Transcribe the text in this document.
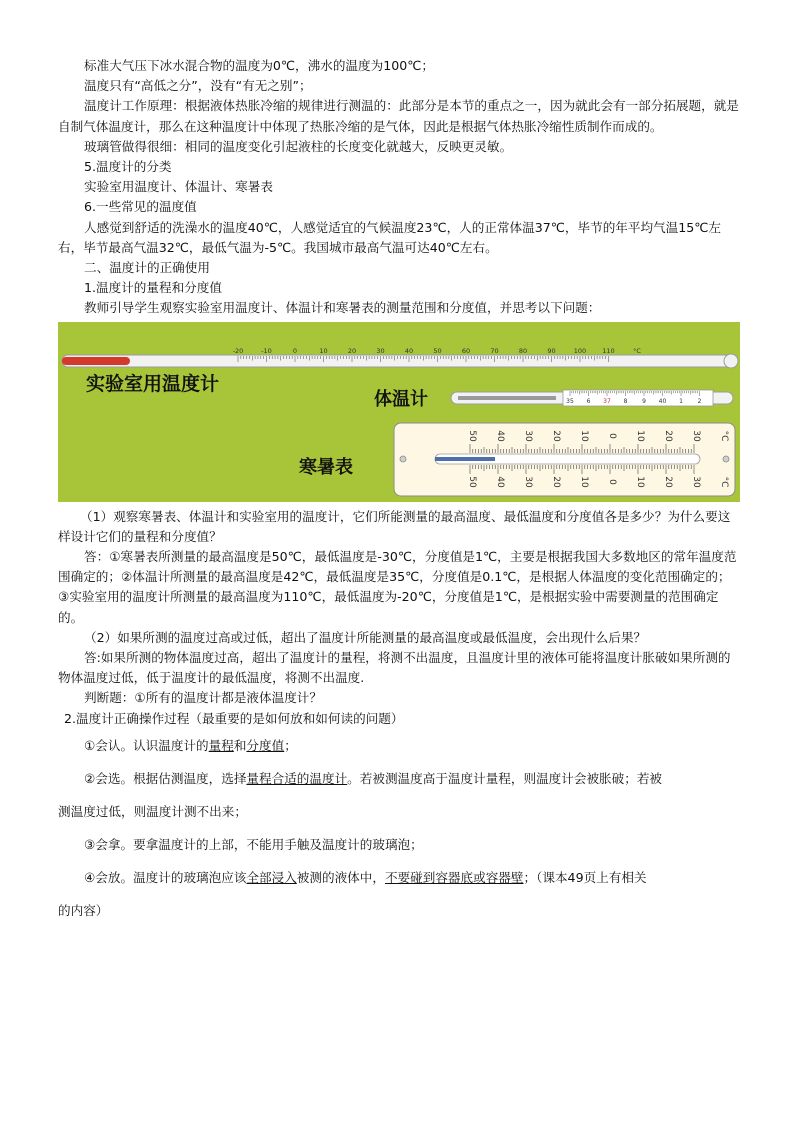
标准大气压下冰水混合物的温度为0℃，沸水的温度为100℃；

温度只有“高低之分”，没有“有无之别”；

温度计工作原理：根据液体热胀冷缩的规律进行测温的：此部分是本节的重点之一，因为就此会有一部分拓展题，就是自制气体温度计，那么在这种温度计中体现了热胀冷缩的是气体，因此是根据气体热胀冷缩性质制作而成的。

玻璃管做得很细：相同的温度变化引起液柱的长度变化就越大，反映更灵敏。

5.温度计的分类

实验室用温度计、体温计、寒暑表

6.一些常见的温度值

人感觉到舒适的洗澡水的温度40℃，人感觉适宜的气候温度23℃，人的正常体温37℃，毕节的年平均气温15℃左右，毕节最高气温32℃，最低气温为-5℃。我国城市最高气温可达40℃左右。

二、温度计的正确使用

1.温度计的量程和分度值

教师引导学生观察实验室用温度计、体温计和寒暑表的测量范围和分度值，并思考以下问题：

-20	-10	0	10	20	30	40	50	60	70	80	90	100 110	°C
35 6 37 8 9 40 1 2
50 40 30 20 10 0 10 20 30 °C
50 40 30 20 10 0 10 20 30 °C
实验室用温度计
体温计
寒暑表

（1）观察寒暑表、体温计和实验室用的温度计，它们所能测量的最高温度、最低温度和分度值各是多少？为什么要这样设计它们的量程和分度值？

答：①寒暑表所测量的最高温度是50℃，最低温度是-30℃，分度值是1℃，主要是根据我国大多数地区的常年温度范围确定的；②体温计所测量的最高温度是42℃，最低温度是35℃，分度值是0.1℃，是根据人体温度的变化范围确定的；③实验室用的温度计所测量的最高温度为110℃，最低温度为-20℃，分度值是1℃，是根据实验中需要测量的范围确定的。

（2）如果所测的温度过高或过低，超出了温度计所能测量的最高温度或最低温度，会出现什么后果？

答:如果所测的物体温度过高，超出了温度计的量程，将测不出温度，且温度计里的液体可能将温度计胀破如果所测的物体温度过低，低于温度计的最低温度，将测不出温度.

判断题：①所有的温度计都是液体温度计？

2.温度计正确操作过程（最重要的是如何放和如何读的问题）

①会认。认识温度计的量程和分度值；

②会选。根据估测温度，选择量程合适的温度计。若被测温度高于温度计量程，则温度计会被胀破；若被

测温度过低，则温度计测不出来；

③会拿。要拿温度计的上部，不能用手触及温度计的玻璃泡；

④会放。温度计的玻璃泡应该全部浸入被测的液体中，不要碰到容器底或容器壁；（课本49页上有相关

的内容）
